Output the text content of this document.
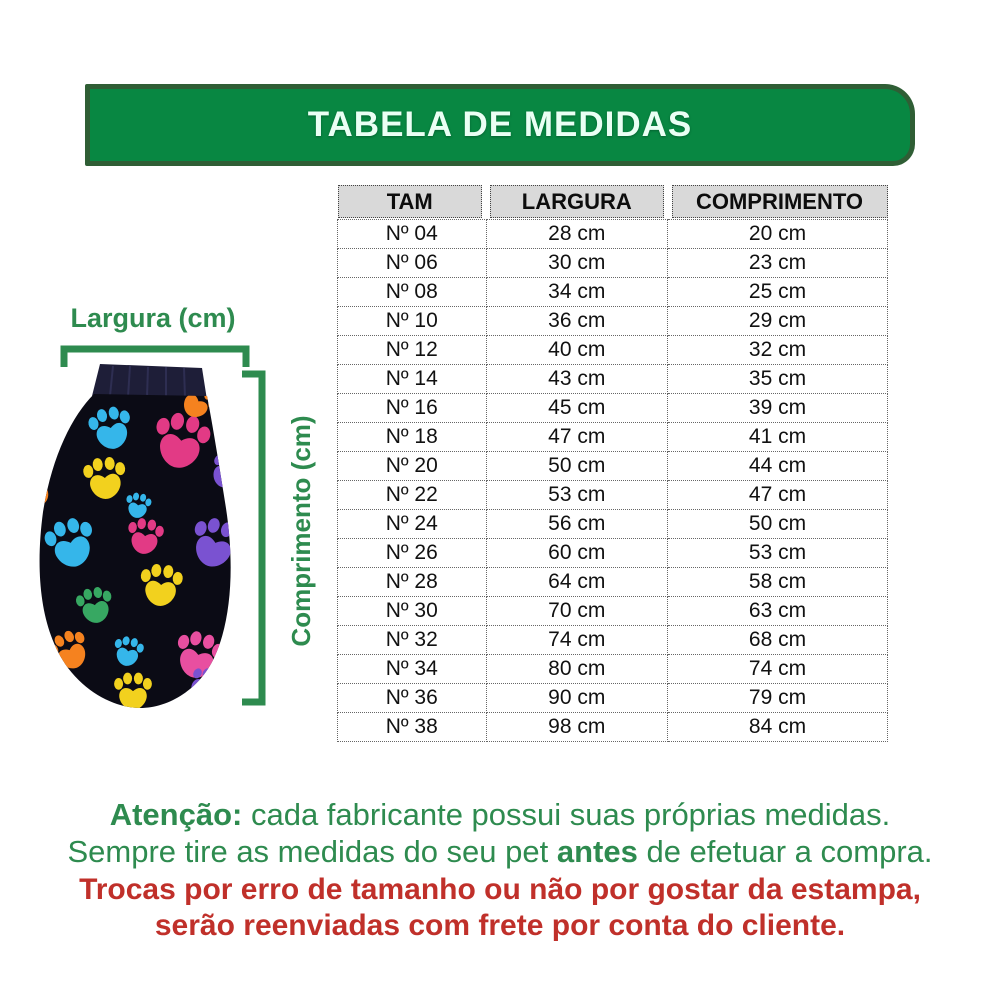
TABELA DE MEDIDAS
Largura (cm)
Comprimento (cm)
TAM	LARGURA	COMPRIMENTO

Nº 04	28 cm	20 cm
Nº 06	30 cm	23 cm
Nº 08	34 cm	25 cm
Nº 10	36 cm	29 cm
Nº 12	40 cm	32 cm
Nº 14	43 cm	35 cm
Nº 16	45 cm	39 cm
Nº 18	47 cm	41 cm
Nº 20	50 cm	44 cm
Nº 22	53 cm	47 cm
Nº 24	56 cm	50 cm
Nº 26	60 cm	53 cm
Nº 28	64 cm	58 cm
Nº 30	70 cm	63 cm
Nº 32	74 cm	68 cm
Nº 34	80 cm	74 cm
Nº 36	90 cm	79 cm
Nº 38	98 cm	84 cm
Atenção: cada fabricante possui suas próprias medidas.
Sempre tire as medidas do seu pet antes de efetuar a compra.
Trocas por erro de tamanho ou não por gostar da estampa,
serão reenviadas com frete por conta do cliente.
